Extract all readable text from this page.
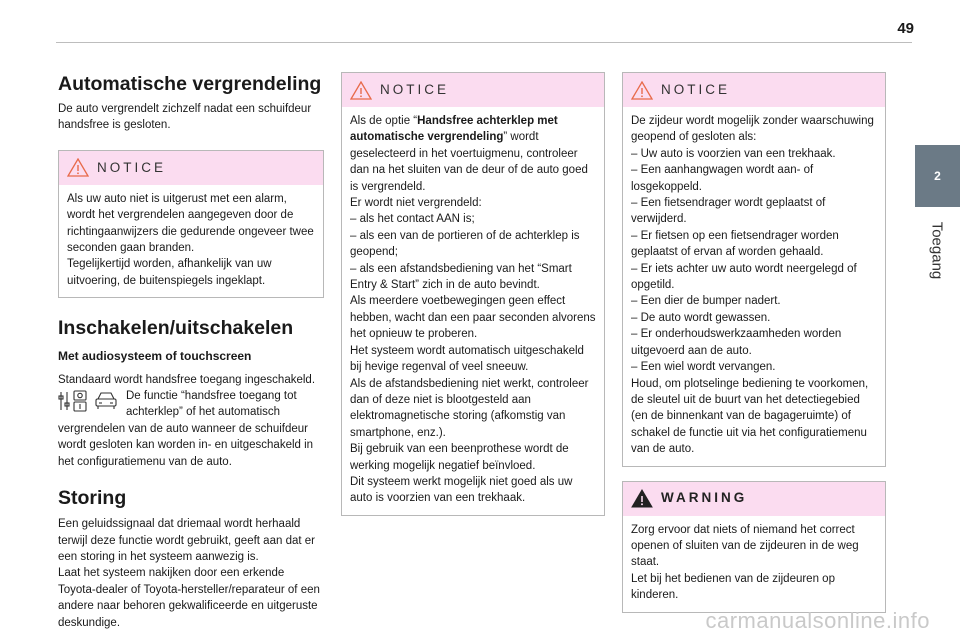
49
2
Toegang
Automatische vergrendeling

De auto vergrendelt zichzelf nadat een schuifdeur handsfree is gesloten.

NOTICE

Als uw auto niet is uitgerust met een alarm, wordt het vergrendelen aangegeven door de richtingaanwijzers die gedurende ongeveer twee seconden gaan branden.

Tegelijkertijd worden, afhankelijk van uw uitvoering, de buitenspiegels ingeklapt.

Inschakelen/uitschakelen
Met audiosysteem of touchscreen

Standaard wordt handsfree toegang ingeschakeld.

De functie “handsfree toegang tot achterklep” of het automatisch

vergrendelen van de auto wanneer de schuifdeur wordt gesloten kan worden in- en uitgeschakeld in het configuratiemenu van de auto.

Storing

Een geluidssignaal dat driemaal wordt herhaald terwijl deze functie wordt gebruikt, geeft aan dat er een storing in het systeem aanwezig is.

Laat het systeem nakijken door een erkende Toyota-dealer of Toyota-hersteller/reparateur of een andere naar behoren gekwalificeerde en uitgeruste deskundige.

NOTICE

Als de optie “Handsfree achterklep met automatische vergrendeling” wordt geselecteerd in het voertuigmenu, controleer dan na het sluiten van de deur of de auto goed is vergrendeld.

Er wordt niet vergrendeld:

– als het contact AAN is;

– als een van de portieren of de achterklep is geopend;

– als een afstandsbediening van het “Smart Entry & Start” zich in de auto bevindt.

Als meerdere voetbewegingen geen effect hebben, wacht dan een paar seconden alvorens het opnieuw te proberen.

Het systeem wordt automatisch uitgeschakeld bij hevige regenval of veel sneeuw.

Als de afstandsbediening niet werkt, controleer dan of deze niet is blootgesteld aan elektromagnetische storing (afkomstig van smartphone, enz.).

Bij gebruik van een beenprothese wordt de werking mogelijk negatief beïnvloed.

Dit systeem werkt mogelijk niet goed als uw auto is voorzien van een trekhaak.

NOTICE

De zijdeur wordt mogelijk zonder waarschuwing geopend of gesloten als:

– Uw auto is voorzien van een trekhaak.

– Een aanhangwagen wordt aan- of losgekoppeld.

– Een fietsendrager wordt geplaatst of verwijderd.

– Er fietsen op een fietsendrager worden geplaatst of ervan af worden gehaald.

– Er iets achter uw auto wordt neergelegd of opgetild.

– Een dier de bumper nadert.

– De auto wordt gewassen.

– Er onderhoudswerkzaamheden worden uitgevoerd aan de auto.

– Een wiel wordt vervangen.

Houd, om plotselinge bediening te voorkomen, de sleutel uit de buurt van het detectiegebied (en de binnenkant van de bagageruimte) of schakel de functie uit via het configuratiemenu van de auto.

WARNING

Zorg ervoor dat niets of niemand het correct openen of sluiten van de zijdeuren in de weg staat.

Let bij het bedienen van de zijdeuren op kinderen.

carmanualsonline.info
